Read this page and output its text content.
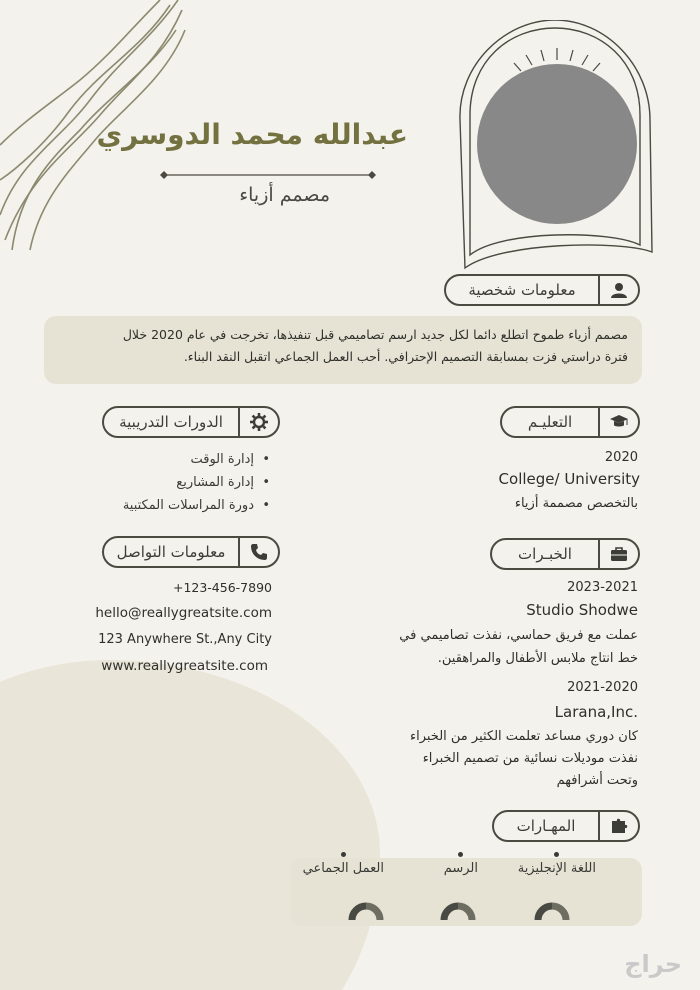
عبدالله محمد الدوسري
مصمم أزياء
معلومات شخصية
مصمم أزياء طموح اتطلع دائما لكل جديد ارسم تصاميمي قبل تنفيذها، تخرجت في عام 2020 خلال
فترة دراستي فزت بمسابقة التصميم الإحترافي. أحب العمل الجماعي اتقبل النقد البناء.
التعليـم
2020
College/ University
بالتخصص مصممة أزياء
الدورات التدريبية
• إدارة الوقت
• إدارة المشاريع
• دورة المراسلات المكتبية
الخبـرات
2023-2021
Studio Shodwe
عملت مع فريق حماسي، نفذت تصاميمي في
خط انتاج ملابس الأطفال والمراهقين.
2021-2020
Larana,Inc.
كان دوري مساعد تعلمت الكثير من الخبراء
نفذت موديلات نسائية من تصميم الخبراء
وتحت أشرافهم
معلومات التواصل
+123-456-7890
hello@reallygreatsite.com
123 Anywhere St.,Any City
www.reallygreatsite.com
المهـارات
اللغة الإنجليزية
الرسم
العمل الجماعي
حراج
